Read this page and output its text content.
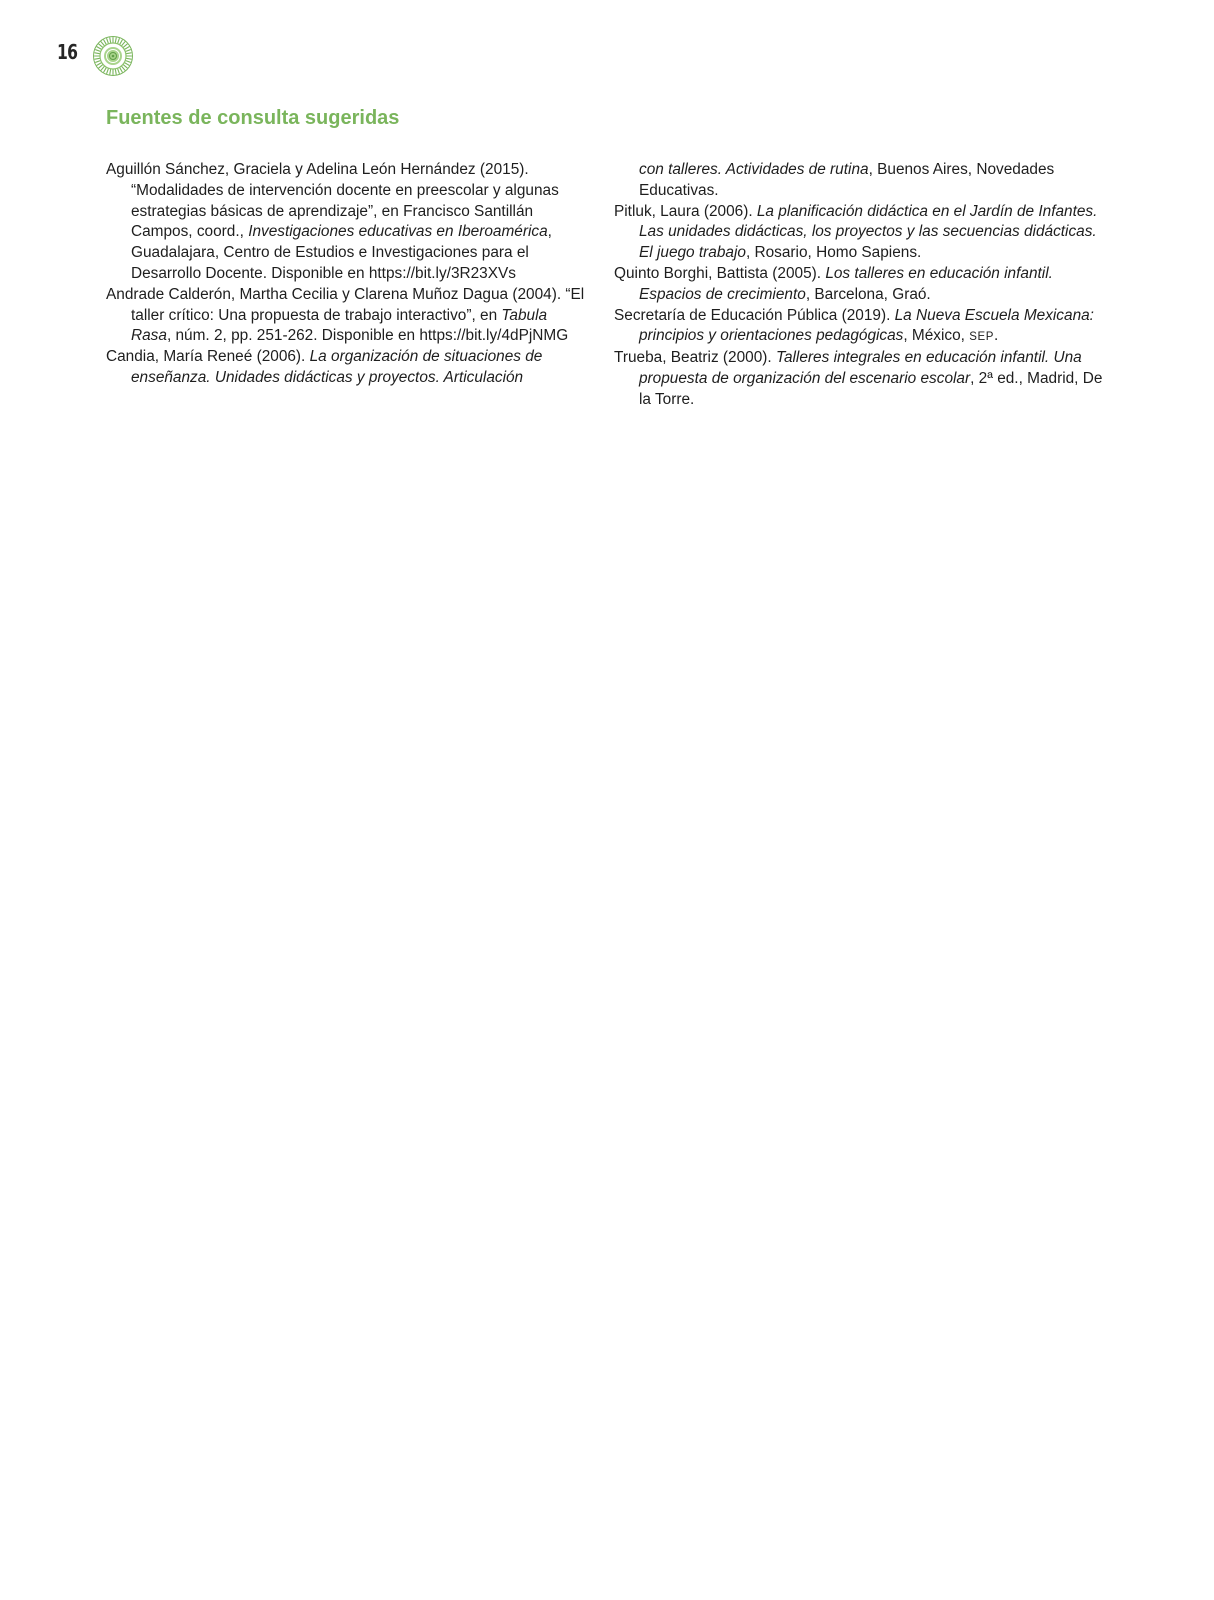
16
Fuentes de consulta sugeridas

Aguillón Sánchez, Graciela y Adelina León Hernández (2015). “Modalidades de intervención docente en preescolar y algunas estrategias básicas de aprendizaje”, en Francisco Santillán Campos, coord., Investigaciones educativas en Iberoamérica, Guadalajara, Centro de Estudios e Investigaciones para el Desarrollo Docente. Disponible en https://bit.ly/3R23XVs

Andrade Calderón, Martha Cecilia y Clarena Muñoz Dagua (2004). “El taller crítico: Una propuesta de trabajo interactivo”, en Tabula Rasa, núm. 2, pp. 251-262. Disponible en https://bit.ly/4dPjNMG

Candia, María Reneé (2006). La organización de situaciones de enseñanza. Unidades didácticas y proyectos. Articulación

con talleres. Actividades de rutina, Buenos Aires, Novedades Educativas.

Pitluk, Laura (2006). La planificación didáctica en el Jardín de Infantes. Las unidades didácticas, los proyectos y las secuencias didácticas. El juego trabajo, Rosario, Homo Sapiens.

Quinto Borghi, Battista (2005). Los talleres en educación infantil. Espacios de crecimiento, Barcelona, Graó.

Secretaría de Educación Pública (2019). La Nueva Escuela Mexicana: principios y orientaciones pedagógicas, México, SEP.

Trueba, Beatriz (2000). Talleres integrales en educación infantil. Una propuesta de organización del escenario escolar, 2ª ed., Madrid, De la Torre.
